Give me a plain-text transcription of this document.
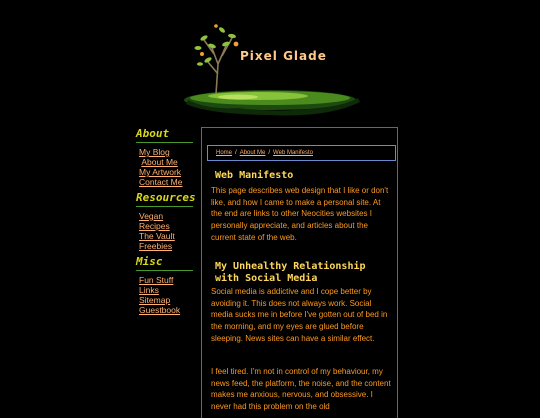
Pixel Glade
About
My Blog
About Me
My Artwork
Contact Me
Resources
Vegan Recipes
The Vault
Freebies
Misc
Fun Stuff
Links
Sitemap
Guestbook
Home / About Me / Web Manifesto
Web Manifesto

This page describes web design that I like or don't like, and how I came to make a personal site. At the end are links to other Neocities websites I personally appreciate, and articles about the current state of the web.

My Unhealthy Relationship with Social Media

Social media is addictive and I cope better by avoiding it. This does not always work. Social media sucks me in before I've gotten out of bed in the morning, and my eyes are glued before sleeping. News sites can have a similar effect.

I feel tired. I'm not in control of my behaviour, my news feed, the platform, the noise, and the content makes me anxious, nervous, and obsessive. I never had this problem on the old
